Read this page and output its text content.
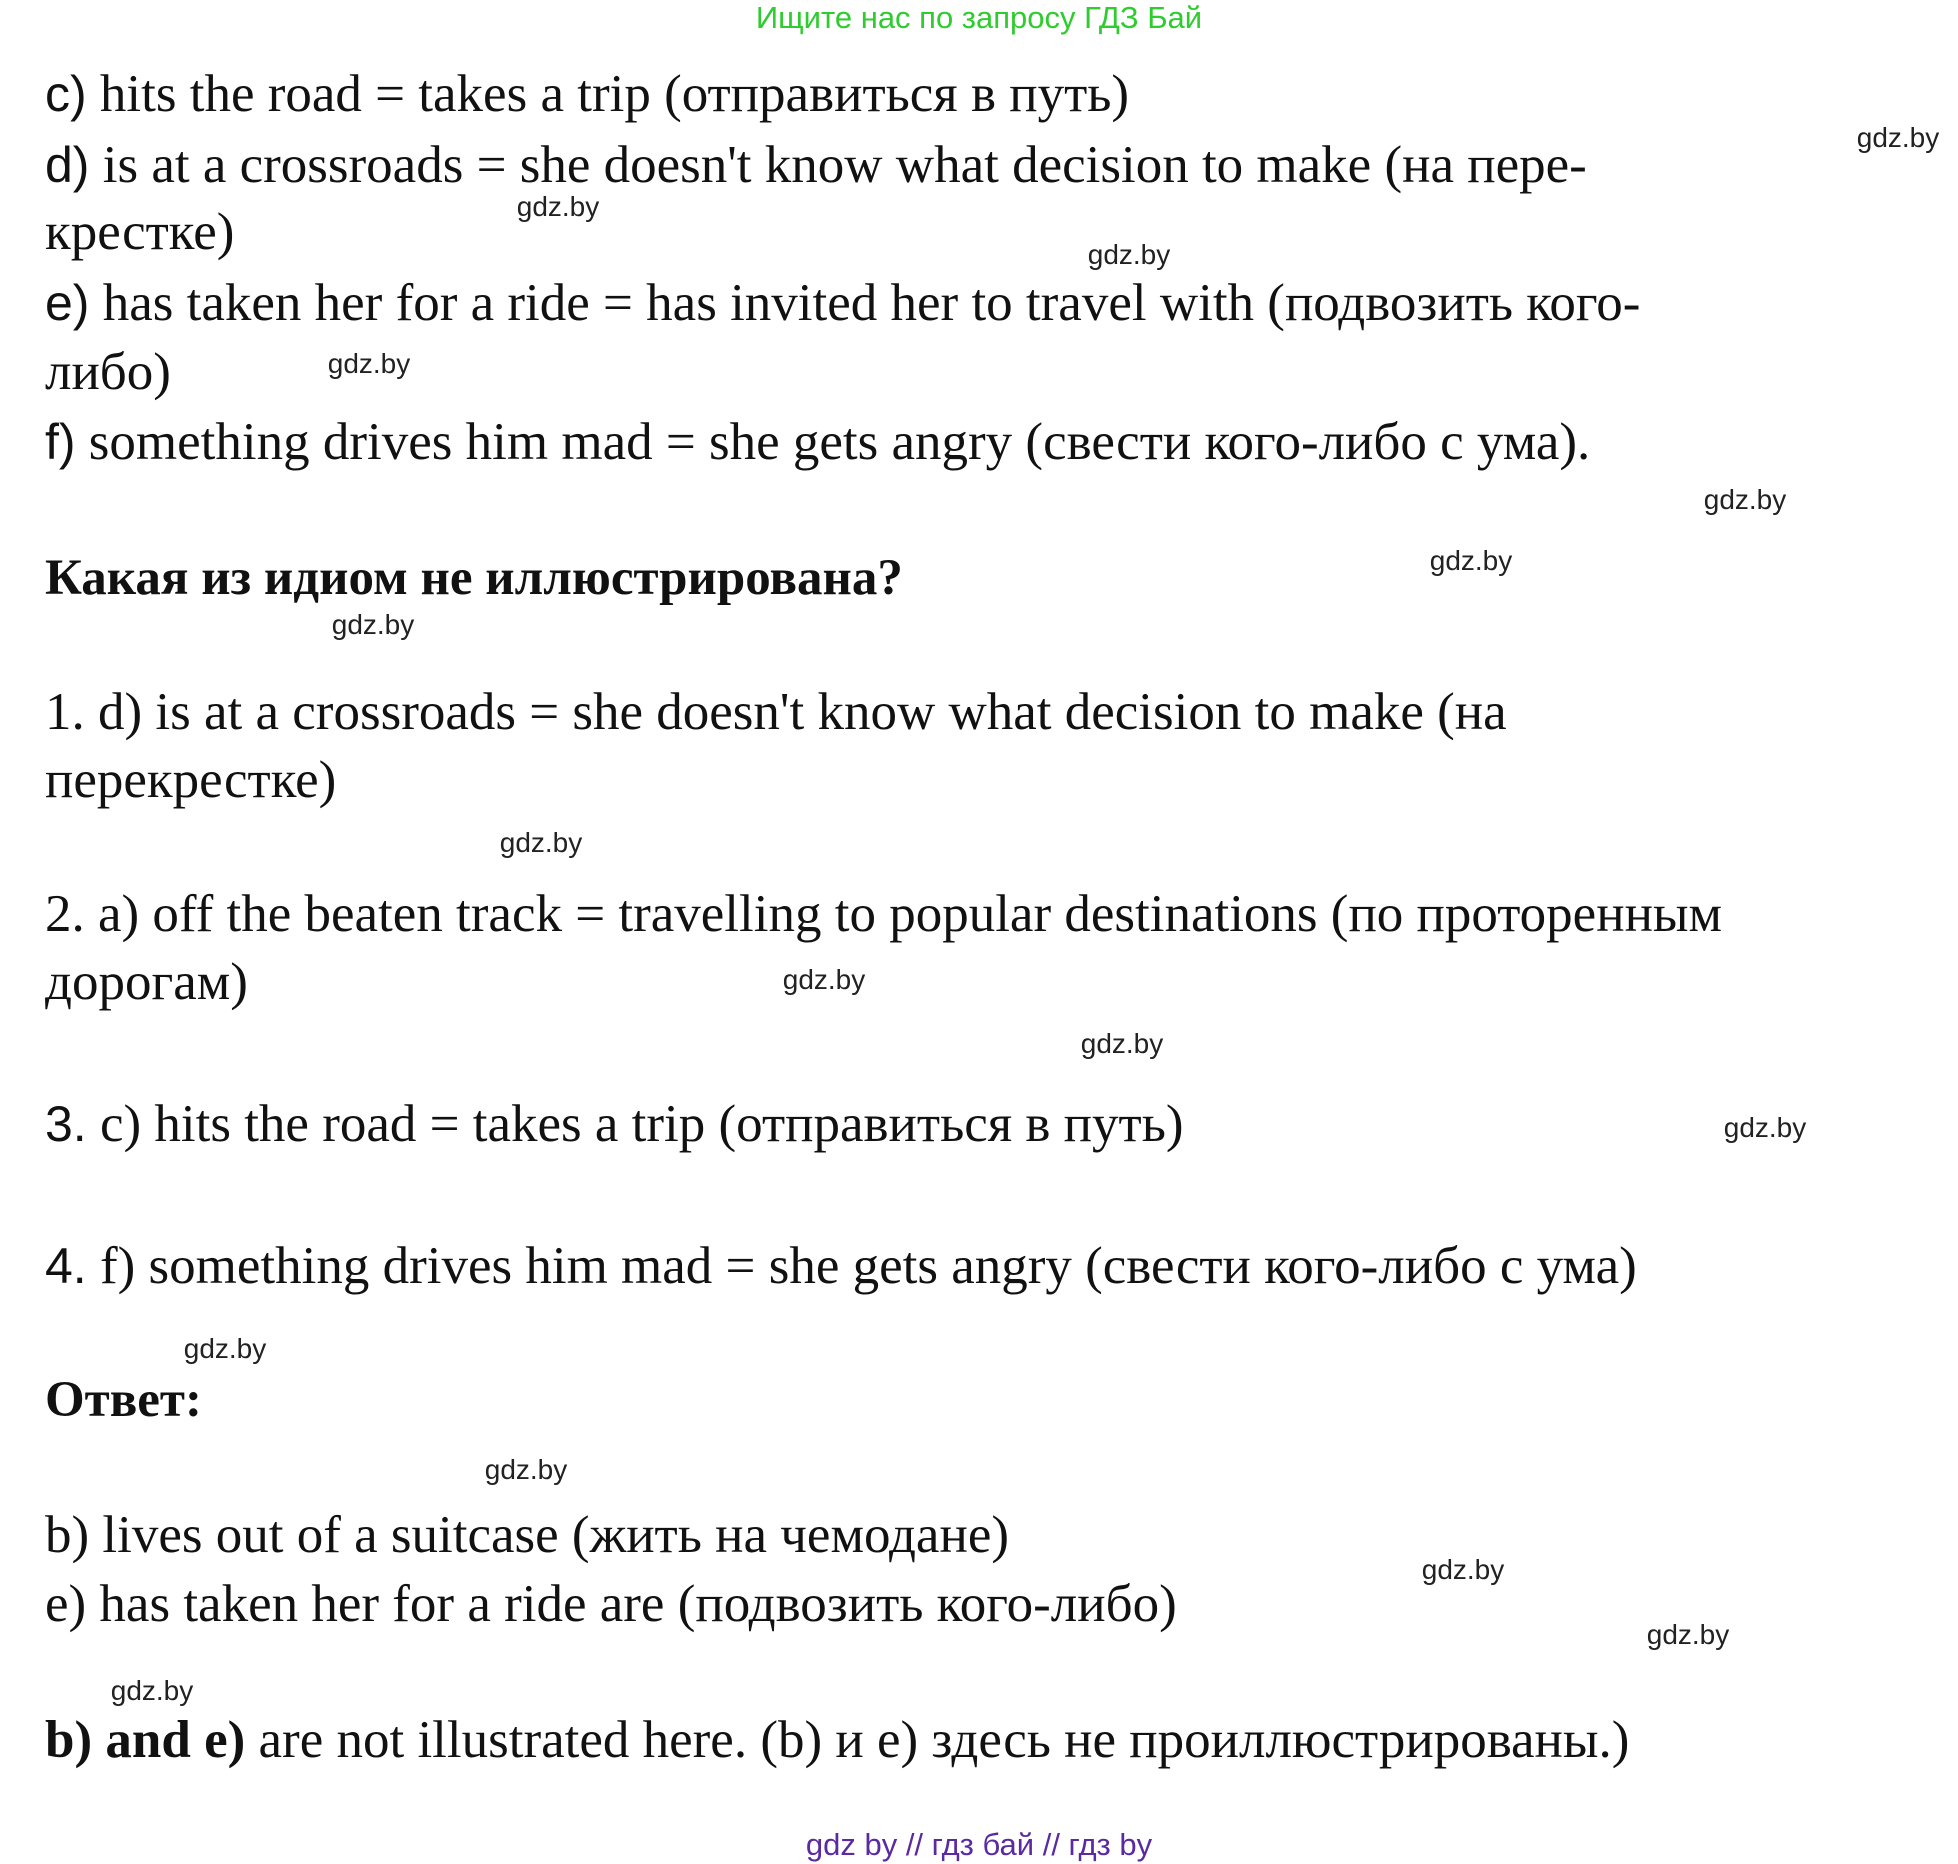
Ищите нас по запросу ГДЗ Бай
c) hits the road = takes a trip (отправиться в путь)
d) is at a crossroads = she doesn't know what decision to make (на пере-
крестке)
e) has taken her for a ride = has invited her to travel with (подвозить кого-
либо)
f) something drives him mad = she gets angry (свести кого-либо с ума).
Какая из идиом не иллюстрирована?
1. d) is at a crossroads = she doesn't know what decision to make (на
перекрестке)
2. a) off the beaten track = travelling to popular destinations (по проторенным
дорогам)
3. c) hits the road = takes a trip (отправиться в путь)
4. f) something drives him mad = she gets angry (свести кого-либо с ума)
Ответ:
b) lives out of a suitcase (жить на чемодане)
e) has taken her for a ride are (подвозить кого-либо)
b) and e) are not illustrated here. (b) и e) здесь не проиллюстрированы.)
gdz.by
gdz.by
gdz.by
gdz.by
gdz.by
gdz.by
gdz.by
gdz.by
gdz.by
gdz.by
gdz.by
gdz.by
gdz.by
gdz.by
gdz.by
gdz.by
gdz by // гдз бай // гдз by
